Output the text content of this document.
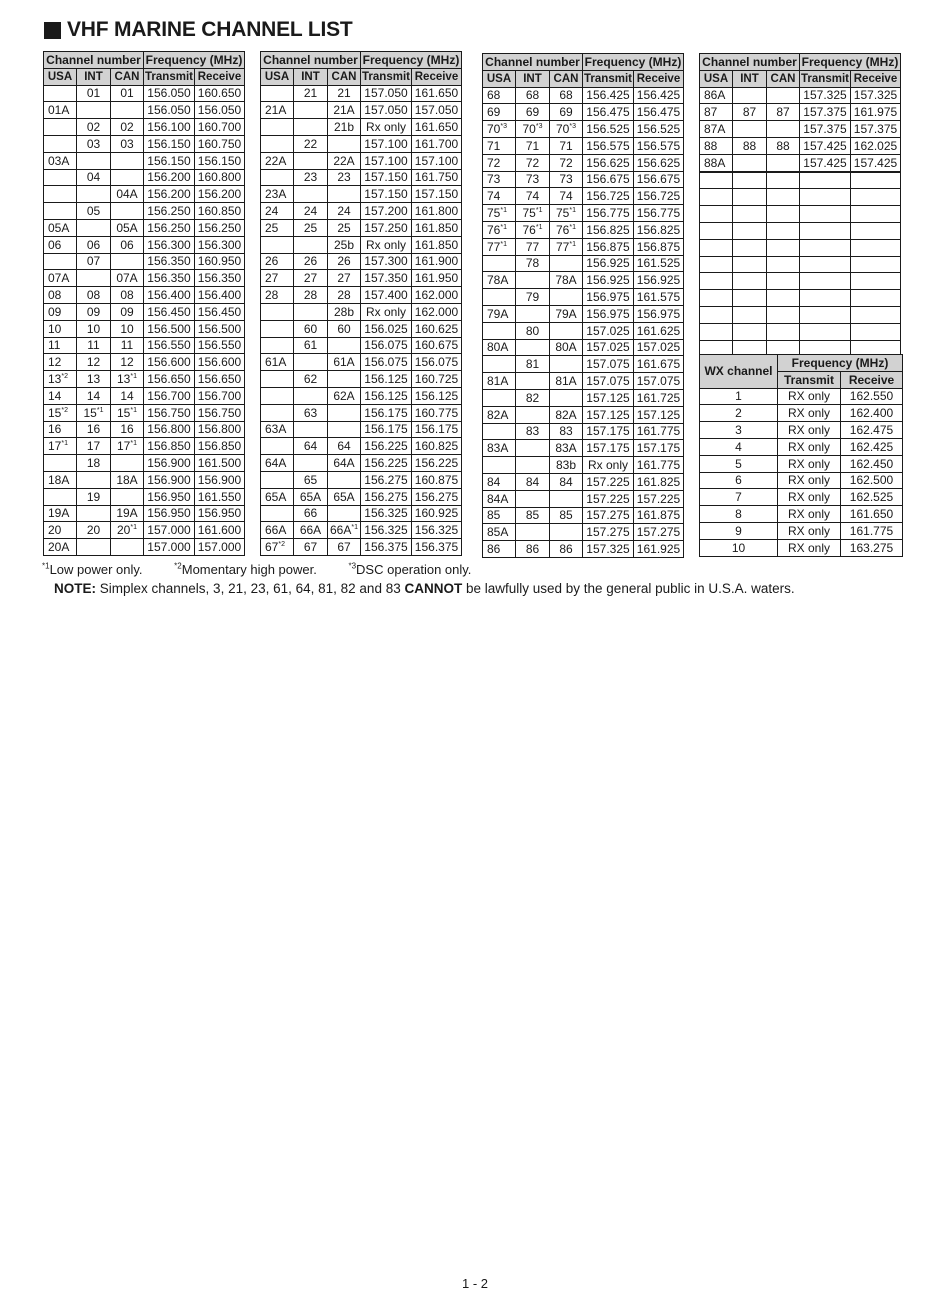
VHF MARINE CHANNEL LIST
Channel number			Frequency (MHz)	
USA	INT	CAN	Transmit	Receive
	01	01	156.050	160.650
01A			156.050	156.050
	02	02	156.100	160.700
	03	03	156.150	160.750
03A			156.150	156.150
	04		156.200	160.800
		04A	156.200	156.200
	05		156.250	160.850
05A		05A	156.250	156.250
06	06	06	156.300	156.300
	07		156.350	160.950
07A		07A	156.350	156.350
08	08	08	156.400	156.400
09	09	09	156.450	156.450
10	10	10	156.500	156.500
11	11	11	156.550	156.550
12	12	12	156.600	156.600
13$^{*2}$	13	13$^{*1}$	156.650	156.650
14	14	14	156.700	156.700
15$^{*2}$	15$^{*1}$	15$^{*1}$	156.750	156.750
16	16	16	156.800	156.800
17$^{*1}$	17	17$^{*1}$	156.850	156.850
	18		156.900	161.500
18A		18A	156.900	156.900
	19		156.950	161.550
19A		19A	156.950	156.950
20	20	20$^{*1}$	157.000	161.600
20A			157.000	157.000
Channel number			Frequency (MHz)	
USA	INT	CAN	Transmit	Receive
	21	21	157.050	161.650
21A		21A	157.050	157.050
		21b	Rx only	161.650
	22		157.100	161.700
22A		22A	157.100	157.100
	23	23	157.150	161.750
23A			157.150	157.150
24	24	24	157.200	161.800
25	25	25	157.250	161.850
		25b	Rx only	161.850
26	26	26	157.300	161.900
27	27	27	157.350	161.950
28	28	28	157.400	162.000
		28b	Rx only	162.000
	60	60	156.025	160.625
	61		156.075	160.675
61A		61A	156.075	156.075
	62		156.125	160.725
		62A	156.125	156.125
	63		156.175	160.775
63A			156.175	156.175
	64	64	156.225	160.825
64A		64A	156.225	156.225
	65		156.275	160.875
65A	65A	65A	156.275	156.275
	66		156.325	160.925
66A	66A	$66A^{*1}$	156.325	156.325
67$^{*2}$	67	67	156.375	156.375
Channel number			Frequency (MHz)	
USA	INT	CAN	Transmit	Receive
68	68	68	156.425	156.425
69	69	69	156.475	156.475
70$^{*3}$	70$^{*3}$	70$^{*3}$	156.525	156.525
71	71	71	156.575	156.575
72	72	72	156.625	156.625
73	73	73	156.675	156.675
74	74	74	156.725	156.725
75$^{*1}$	75$^{*1}$	75$^{*1}$	156.775	156.775
76$^{*1}$	76$^{*1}$	76$^{*1}$	156.825	156.825
77$^{*1}$	77	77$^{*1}$	156.875	156.875
	78		156.925	161.525
78A		78A	156.925	156.925
	79		156.975	161.575
79A		79A	156.975	156.975
	80		157.025	161.625
80A		80A	157.025	157.025
	81		157.075	161.675
81A		81A	157.075	157.075
	82		157.125	161.725
82A		82A	157.125	157.125
	83	83	157.175	161.775
83A		83A	157.175	157.175
		83b	Rx only	161.775
84	84	84	157.225	161.825
84A			157.225	157.225
85	85	85	157.275	161.875
85A			157.275	157.275
86	86	86	157.325	161.925
Channel number			Frequency (MHz)	
USA	INT	CAN	Transmit	Receive
86A			157.325	157.325
87	87	87	157.375	161.975
87A			157.375	157.375
88	88	88	157.425	162.025
88A			157.425	157.425

WX channel	Frequency (MHz)	
	Transmit	Receive
1	RX only	162.550
2	RX only	162.400
3	RX only	162.475
4	RX only	162.425
5	RX only	162.450
6	RX only	162.500
7	RX only	162.525
8	RX only	161.650
9	RX only	161.775
10	RX only	163.275
$^{*1}$Low power only.	$^{*2}$Momentary high power.	$^{*3}$DSC operation only.
NOTE: Simplex channels, 3, 21, 23, 61, 64, 81, 82 and 83 CANNOT be lawfully used by the general public in U.S.A. waters.
1 - 2
